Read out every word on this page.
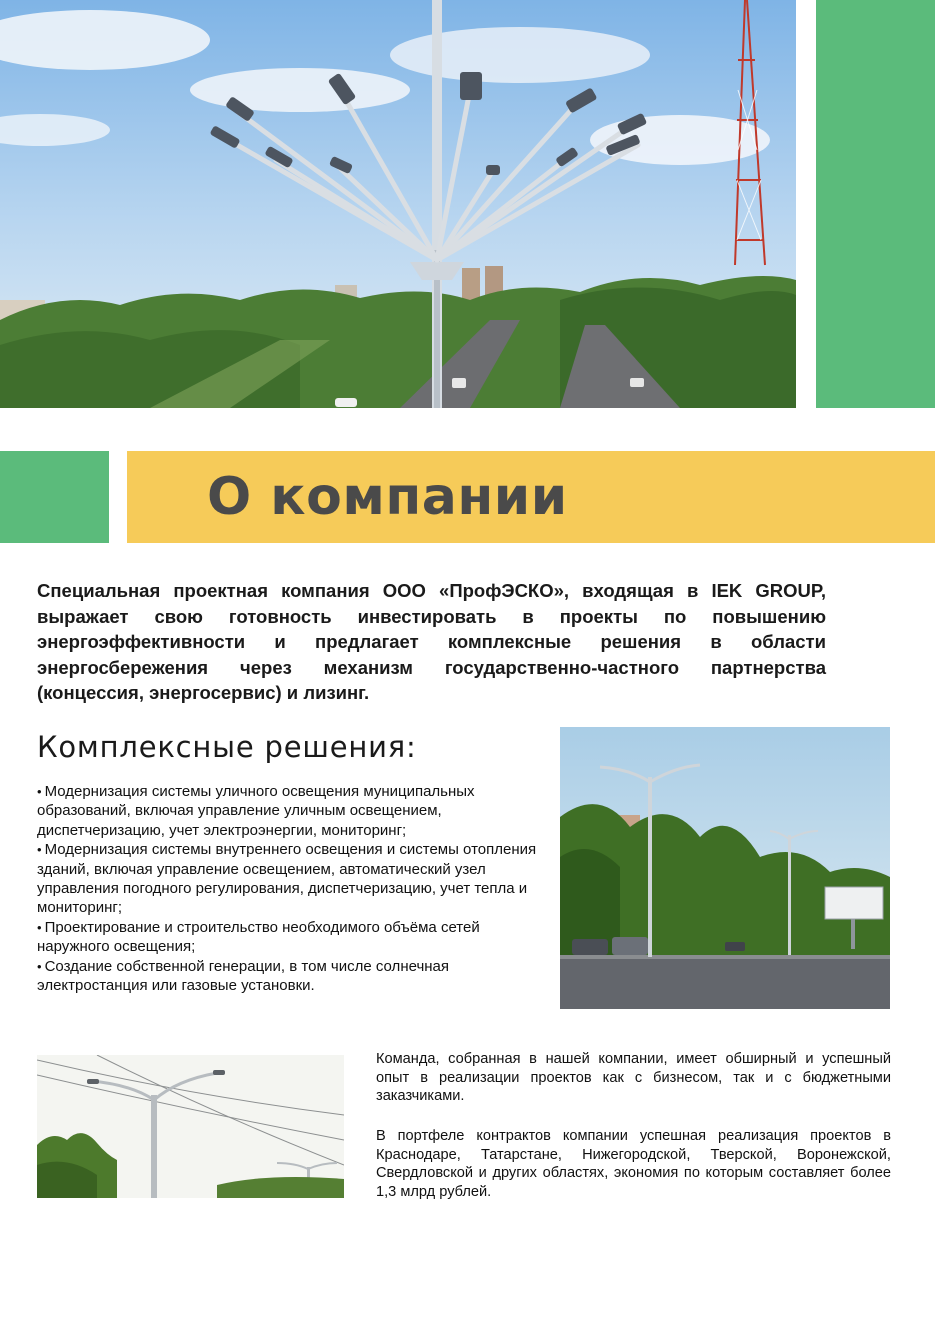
О компании

Специальная проектная компания ООО «ПрофЭСКО», входящая в IEK GROUP, выражает свою готовность инвестировать в проекты по повышению энергоэффективности и предлагает комплексные решения в области энергосбережения через механизм государственно-частного партнерства (концессия, энергосервис) и лизинг.

Комплексные решения:
• Модернизация системы уличного освещения муниципальных образований, включая управление уличным освещением, диспетчеризацию, учет электроэнергии, мониторинг;
• Модернизация системы внутреннего освещения и системы отопления зданий, включая управление освещением, автоматический узел управления погодного регулирования, диспетчеризацию, учет тепла и мониторинг;
• Проектирование и строительство необходимого объёма сетей наружного освещения;
• Создание собственной генерации, в том числе солнечная электростанция или газовые установки.

Команда, собранная в нашей компании, имеет обширный и успешный опыт в реализации проектов как с бизнесом, так и с бюджетными заказчиками.

В портфеле контрактов компании успешная реализация проектов в Краснодаре, Татарстане, Нижегородской, Тверской, Воронежской, Свердловской и других областях, экономия по которым составляет более 1,3 млрд рублей.
